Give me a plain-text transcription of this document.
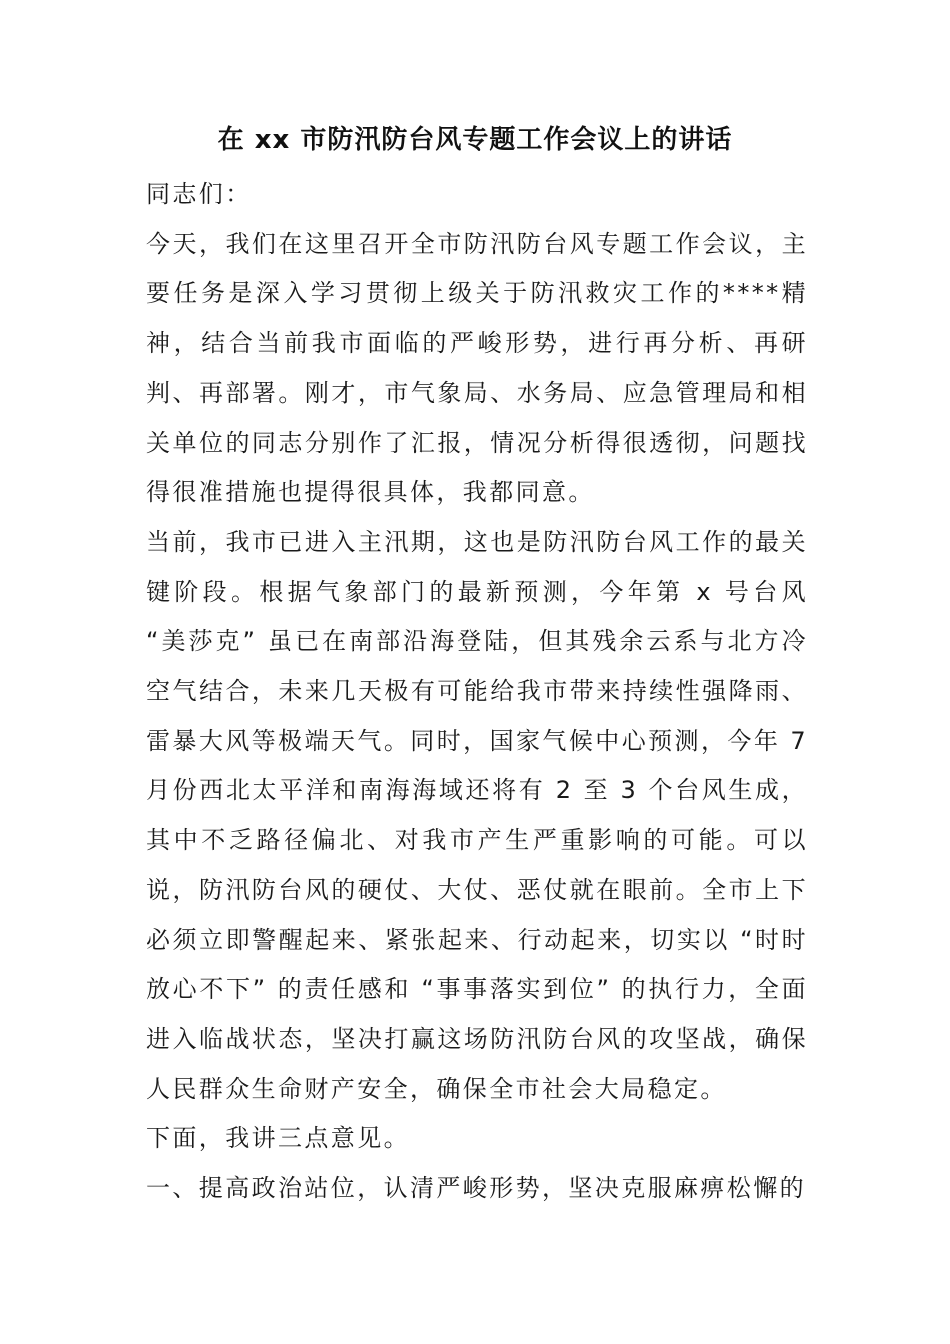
在 xx 市防汛防台风专题工作会议上的讲话

同志们：

今天，我们在这里召开全市防汛防台风专题工作会议，主要任务是深入学习贯彻上级关于防汛救灾工作的****精神，结合当前我市面临的严峻形势，进行再分析、再研判、再部署。刚才，市气象局、水务局、应急管理局和相关单位的同志分别作了汇报，情况分析得很透彻，问题找得很准措施也提得很具体，我都同意。

当前，我市已进入主汛期，这也是防汛防台风工作的最关键阶段。根据气象部门的最新预测，今年第 x 号台风 “美莎克” 虽已在南部沿海登陆，但其残余云系与北方冷空气结合，未来几天极有可能给我市带来持续性强降雨、雷暴大风等极端天气。同时，国家气候中心预测，今年 7 月份西北太平洋和南海海域还将有 2 至 3 个台风生成，其中不乏路径偏北、对我市产生严重影响的可能。可以说，防汛防台风的硬仗、大仗、恶仗就在眼前。全市上下必须立即警醒起来、紧张起来、行动起来，切实以 “时时放心不下” 的责任感和 “事事落实到位” 的执行力，全面进入临战状态，坚决打赢这场防汛防台风的攻坚战，确保人民群众生命财产安全，确保全市社会大局稳定。

下面，我讲三点意见。

一、提高政治站位，认清严峻形势，坚决克服麻痹松懈的
